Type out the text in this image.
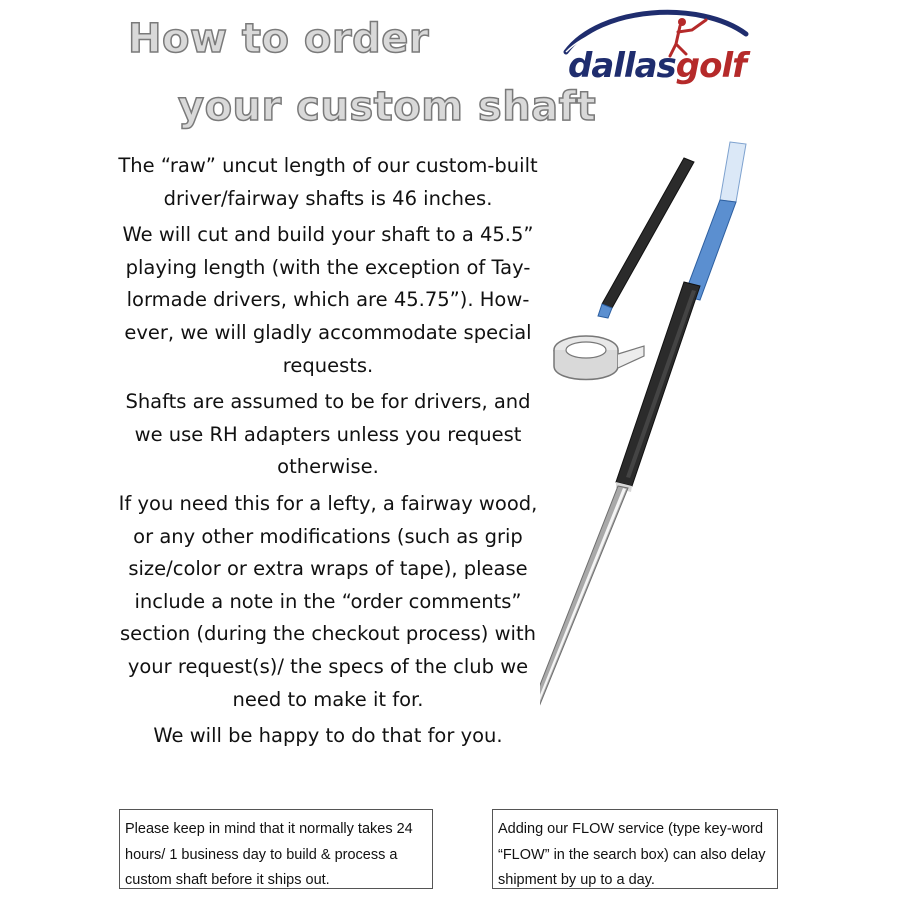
How to order
your custom shaft
dallasgolf

The “raw” uncut length of our custom-built driver/fairway shafts is 46 inches.

We will cut and build your shaft to a 45.5” playing length (with the exception of Tay-lormade drivers, which are 45.75”). How-ever, we will gladly accommodate special requests.

Shafts are assumed to be for drivers, and we use RH adapters unless you request otherwise.

If you need this for a lefty, a fairway wood, or any other modifications (such as grip size/color or extra wraps of tape), please include a note in the “order comments” section (during the checkout process) with your request(s)/ the specs of the club we need to make it for.

We will be happy to do that for you.

Please keep in mind that it normally takes 24 hours/ 1 business day to build & process a custom shaft before it ships out.
Adding our FLOW service (type key-word “FLOW” in the search box) can also delay shipment by up to a day.
